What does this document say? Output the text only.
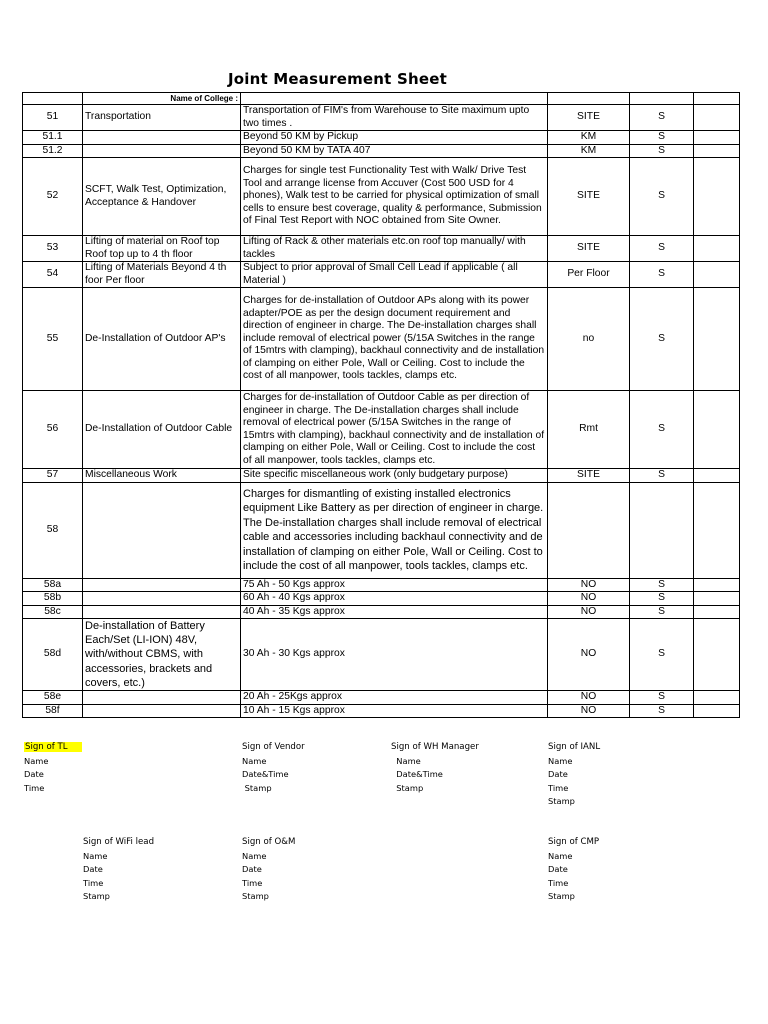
Joint Measurement Sheet
	Name of College :				
51	Transportation	Transportation of FIM's from Warehouse to Site maximum upto two times .	SITE	S	
51.1		Beyond 50 KM by Pickup	KM	S	
51.2		Beyond 50 KM by TATA 407	KM	S	
52	SCFT, Walk Test, Optimization, Acceptance & Handover	Charges for single test Functionality Test with Walk/ Drive Test Tool and arrange license from Accuver (Cost 500 USD for 4 phones), Walk test to be carried for physical optimization of small cells to ensure best coverage, quality & performance, Submission of Final Test Report with NOC obtained from Site Owner.	SITE	S	
53	Lifting of material on Roof top Roof top up to 4 th floor	Lifting of Rack & other materials etc.on roof top manually/ with tackles	SITE	S	
54	Lifting of Materials Beyond 4 th foor Per floor	Subject to prior approval of Small Cell Lead if applicable ( all Material )	Per Floor	S	
55	De-Installation of Outdoor AP's	Charges for de-installation of Outdoor APs along with its power adapter/POE as per the design document requirement and direction of engineer in charge. The De-installation charges shall include removal of electrical power (5/15A Switches in the range of 15mtrs with clamping), backhaul connectivity and de installation of clamping on either Pole, Wall or Ceiling. Cost to include the cost of all manpower, tools tackles, clamps etc.	no	S	
56	De-Installation of Outdoor Cable	Charges for de-installation of Outdoor Cable as per direction of engineer in charge. The De-installation charges shall include removal of electrical power (5/15A Switches in the range of 15mtrs with clamping), backhaul connectivity and de installation of clamping on either Pole, Wall or Ceiling. Cost to include the cost of all manpower, tools tackles, clamps etc.	Rmt	S	
57	Miscellaneous Work	Site specific miscellaneous work (only budgetary purpose)	SITE	S	
58		Charges for dismantling of existing installed electronics equipment Like Battery as per direction of engineer in charge. The De-installation charges shall include removal of electrical cable and accessories including backhaul connectivity and de installation of clamping on either Pole, Wall or Ceiling. Cost to include the cost of all manpower, tools tackles, clamps etc.			
58a		75 Ah - 50 Kgs approx	NO	S	
58b		60 Ah - 40 Kgs approx	NO	S	
58c		40 Ah - 35 Kgs approx	NO	S	
58d	De-installation of Battery Each/Set (LI-ION) 48V, with/without CBMS, with accessories, brackets and covers, etc.)	30 Ah - 30 Kgs approx	NO	S	
58e		20 Ah - 25Kgs approx	NO	S	
58f		10 Ah - 15 Kgs approx	NO	S	
Sign of TL
Name
Date
Time
Sign of Vendor
Name
Date&Time
Stamp
Sign of WH Manager
Name
Date&Time
Stamp
Sign of IANL
Name
Date
Time
Stamp
Sign of WiFi lead
Name
Date
Time
Stamp
Sign of O&M
Name
Date
Time
Stamp
Sign of CMP
Name
Date
Time
Stamp
